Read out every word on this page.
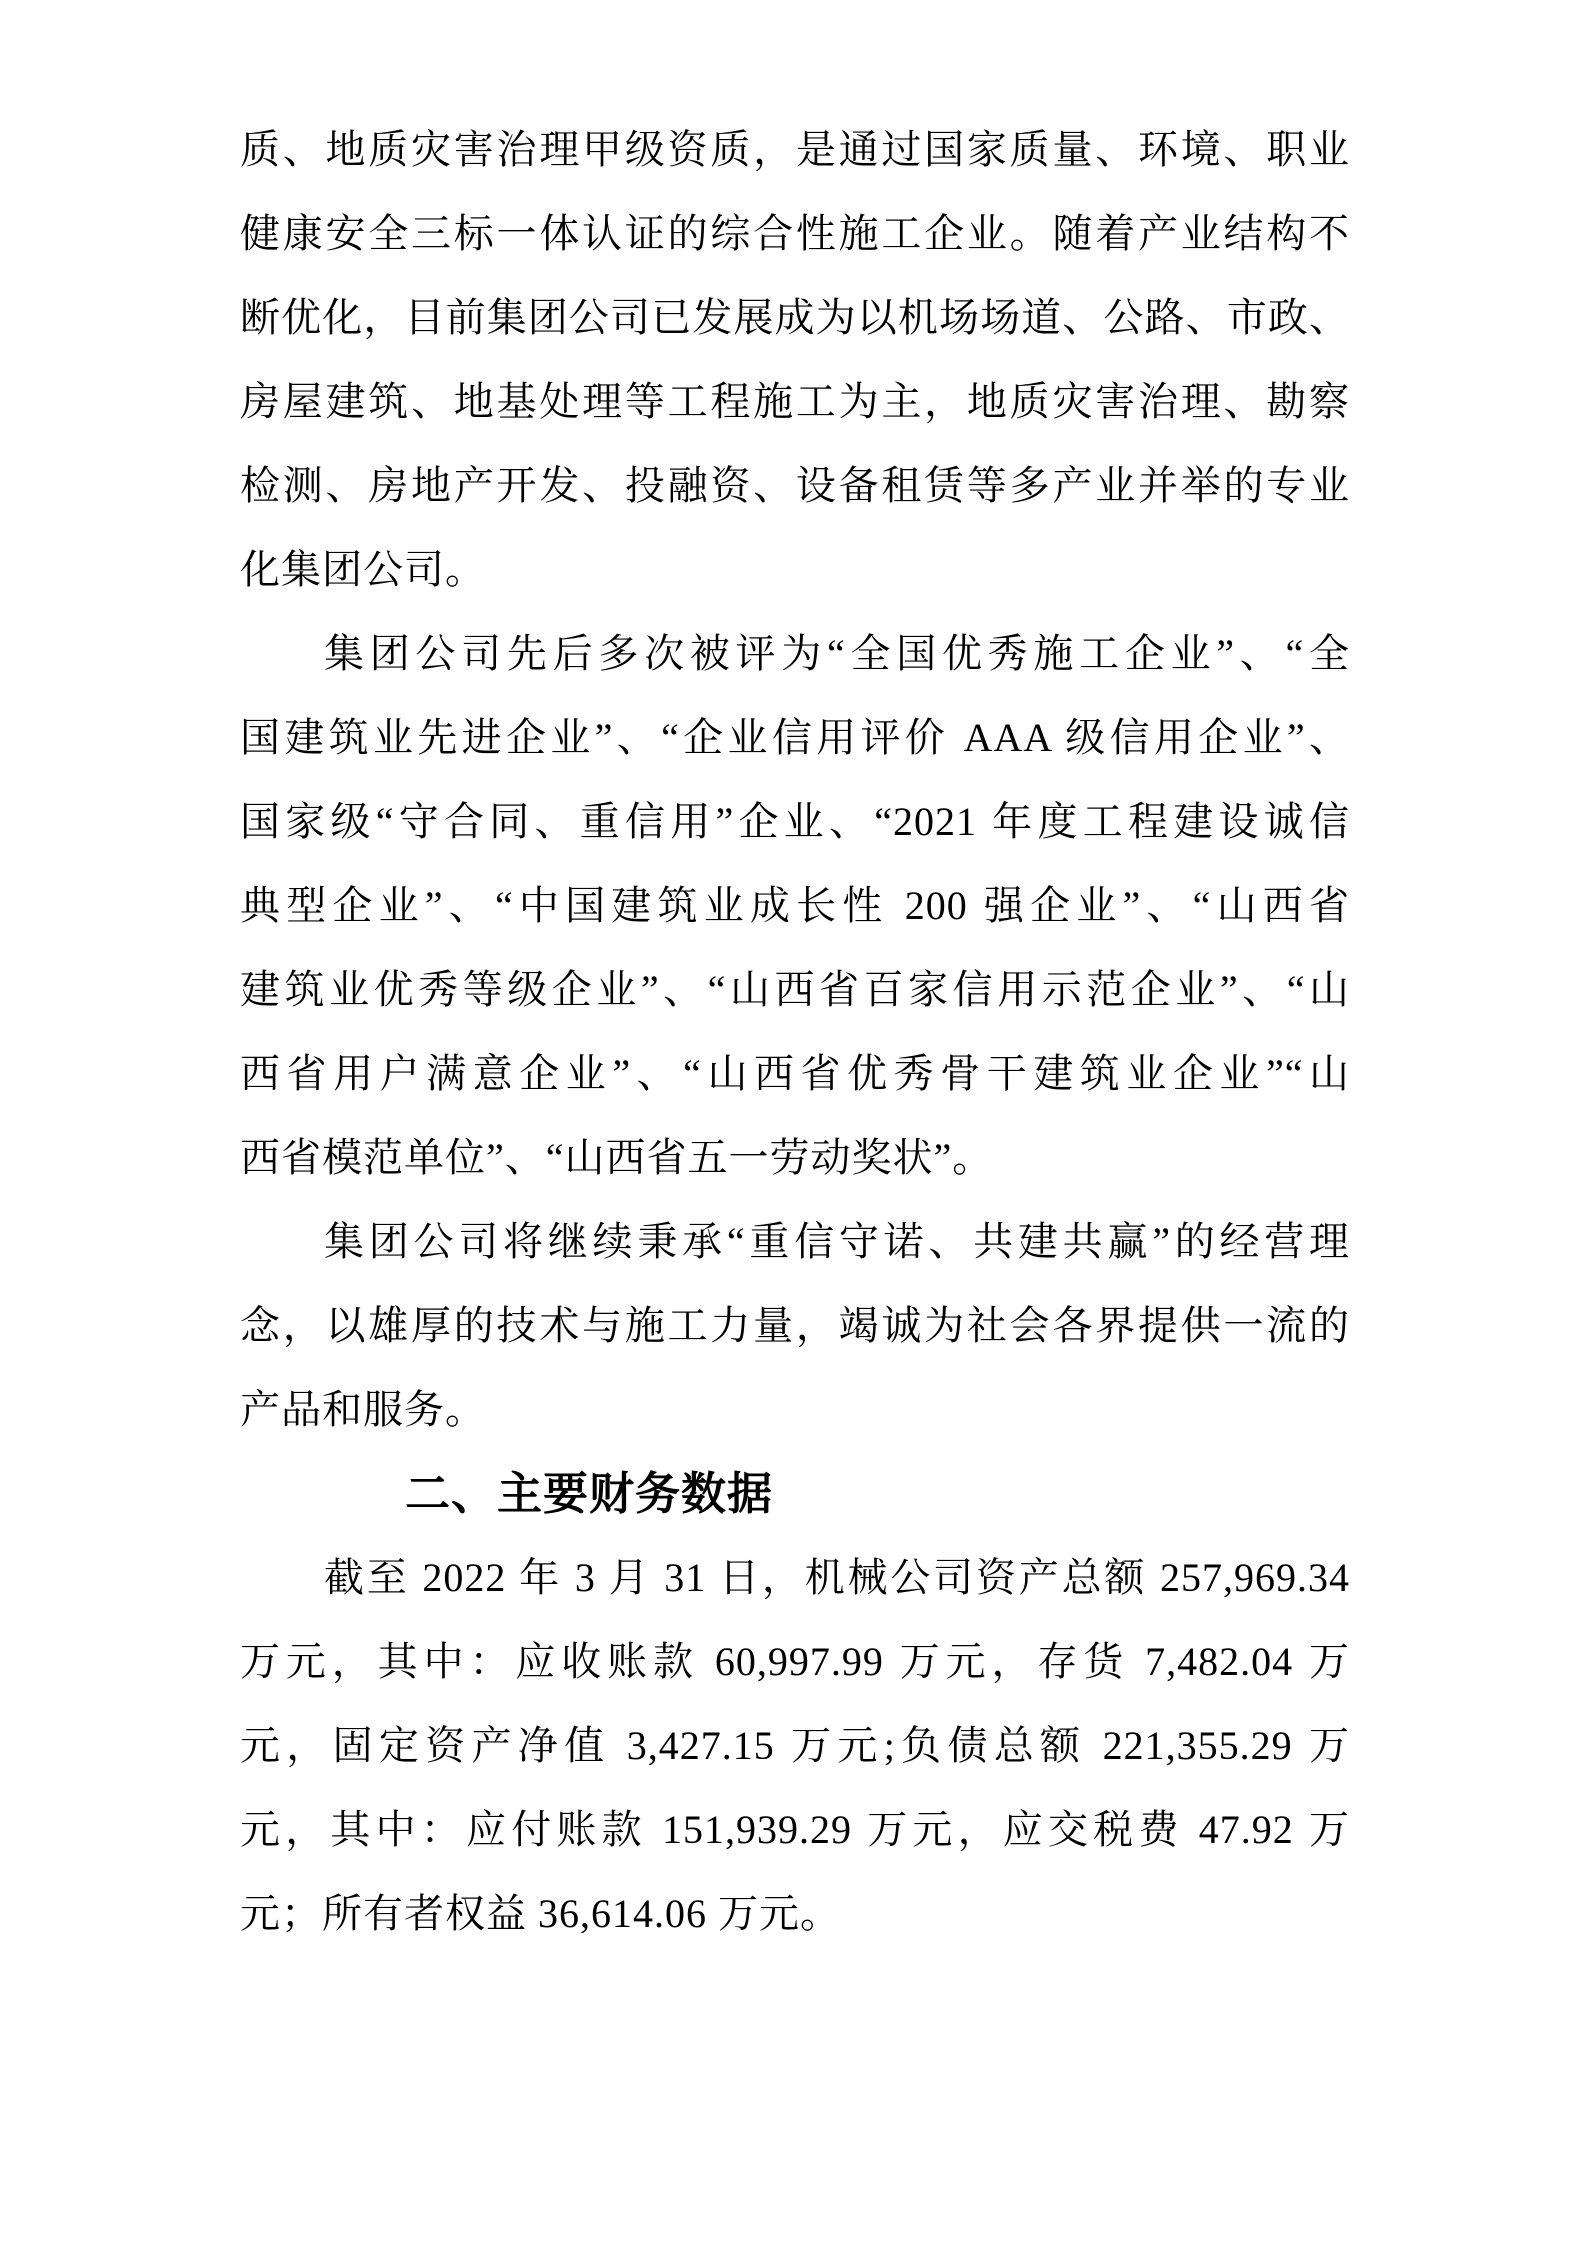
质、地质灾害治理甲级资质，是通过国家质量、环境、职业

健康安全三标一体认证的综合性施工企业。随着产业结构不

断优化，目前集团公司已发展成为以机场场道、公路、市政、

房屋建筑、地基处理等工程施工为主，地质灾害治理、勘察

检测、房地产开发、投融资、设备租赁等多产业并举的专业

化集团公司。

集团公司先后多次被评为“全国优秀施工企业”、“全

国建筑业先进企业”、“企业信用评价 AAA 级信用企业”、

国家级“守合同、重信用”企业、“2021 年度工程建设诚信

典型企业”、“中国建筑业成长性 200 强企业”、“山西省

建筑业优秀等级企业”、“山西省百家信用示范企业”、“山

西省用户满意企业”、“山西省优秀骨干建筑业企业”“山

西省模范单位”、“山西省五一劳动奖状”。

集团公司将继续秉承“重信守诺、共建共赢”的经营理

念，以雄厚的技术与施工力量，竭诚为社会各界提供一流的

产品和服务。

二、主要财务数据

截至 2022 年 3 月 31 日，机械公司资产总额 257,969.34

万元，其中：应收账款 60,997.99 万元，存货 7,482.04 万

元，固定资产净值 3,427.15 万元;负债总额 221,355.29 万

元，其中：应付账款 151,939.29 万元，应交税费 47.92 万

元；所有者权益 36,614.06 万元。
